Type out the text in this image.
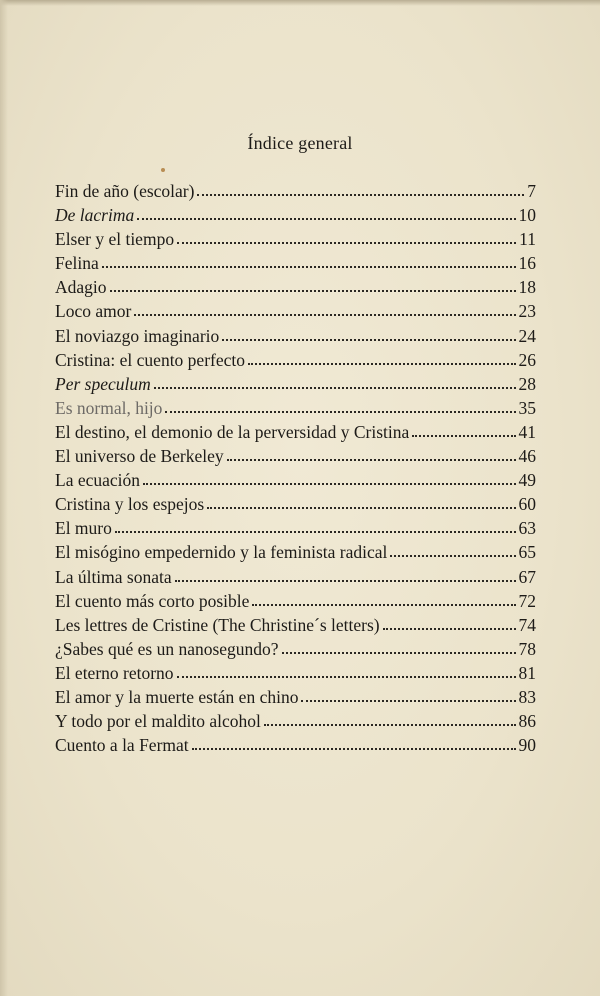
Índice general
Fin de año (escolar)	7
De lacrima	10
Elser y el tiempo	11
Felina	16
Adagio	18
Loco amor	23
El noviazgo imaginario	24
Cristina: el cuento perfecto	26
Per speculum	28
Es normal, hijo	35
El destino, el demonio de la perversidad y Cristina	41
El universo de Berkeley	46
La ecuación	49
Cristina y los espejos	60
El muro	63
El misógino empedernido y la feminista radical	65
La última sonata	67
El cuento más corto posible	72
Les lettres de Cristine (The Christine´s letters)	74
¿Sabes qué es un nanosegundo?	78
El eterno retorno	81
El amor y la muerte están en chino	83
Y todo por el maldito alcohol	86
Cuento a la Fermat	90
